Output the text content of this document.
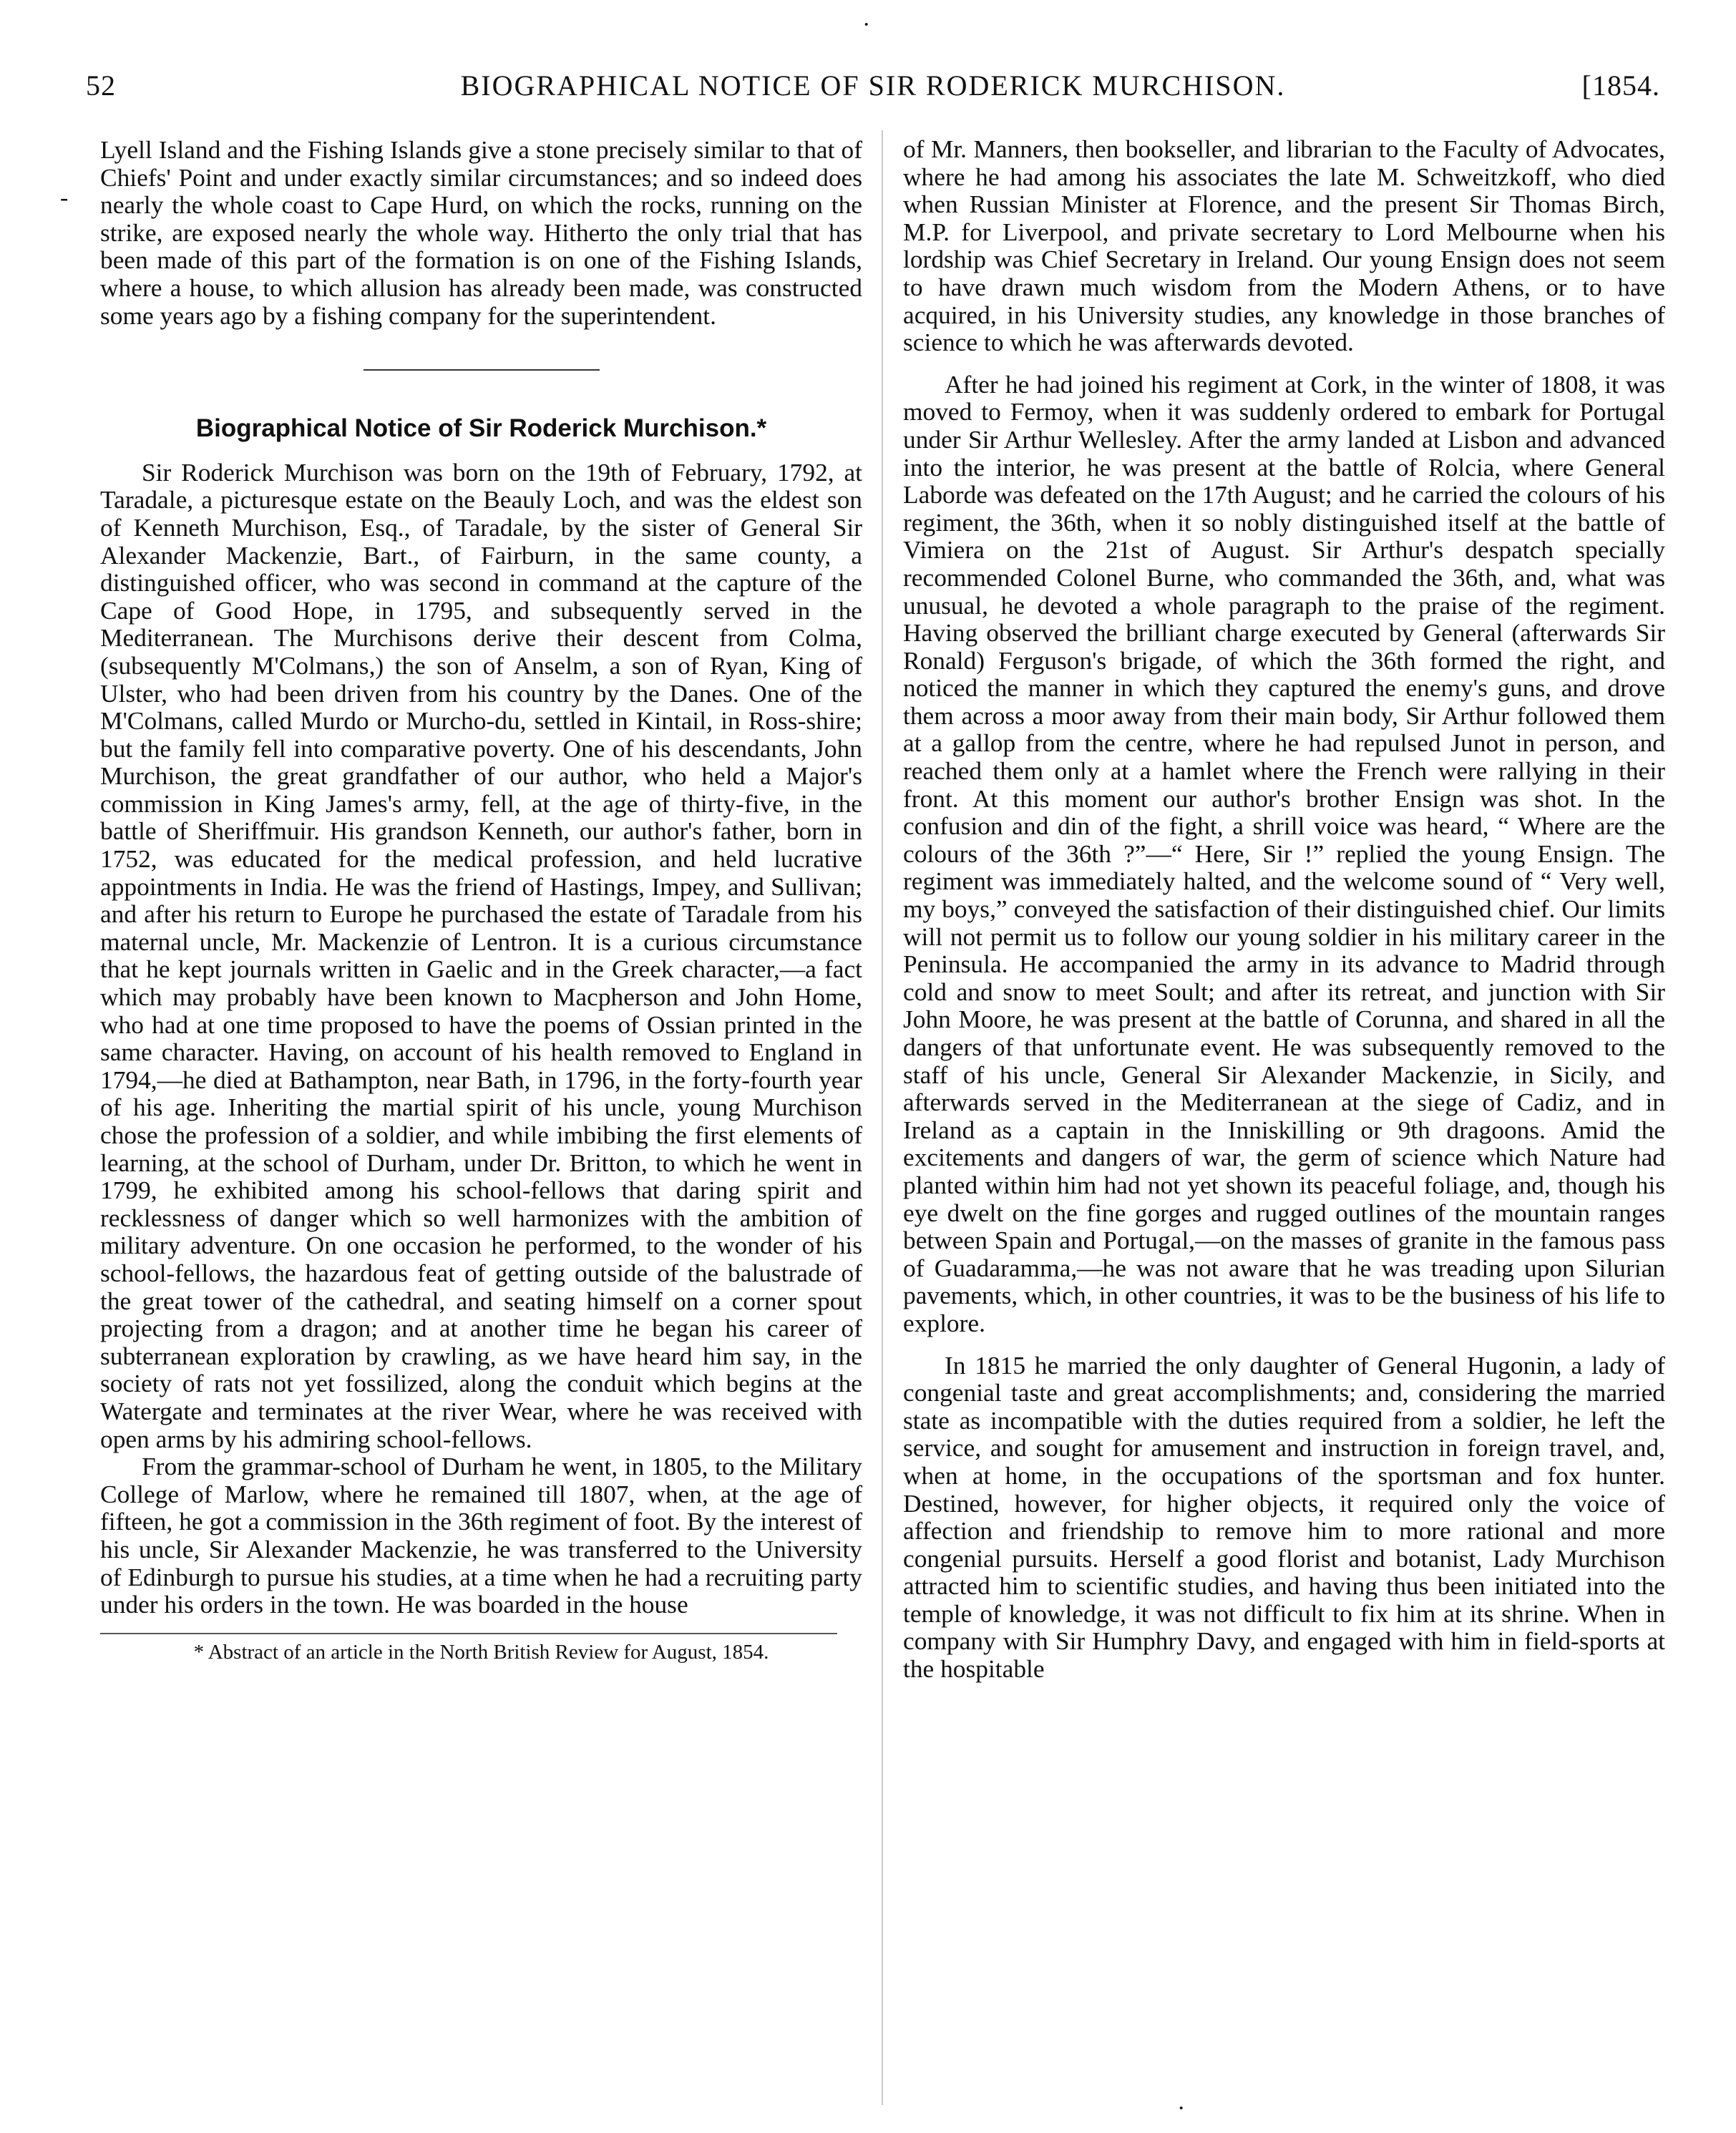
52	BIOGRAPHICAL NOTICE OF SIR RODERICK MURCHISON.	[1854.
·
-

Lyell Island and the Fishing Islands give a stone precisely similar to that of Chiefs' Point and under exactly similar circumstances; and so indeed does nearly the whole coast to Cape Hurd, on which the rocks, running on the strike, are exposed nearly the whole way. Hitherto the only trial that has been made of this part of the formation is on one of the Fishing Islands, where a house, to which allusion has already been made, was constructed some years ago by a fishing company for the superintendent.

Biographical Notice of Sir Roderick Murchison.*

Sir Roderick Murchison was born on the 19th of February, 1792, at Taradale, a picturesque estate on the Beauly Loch, and was the eldest son of Kenneth Murchison, Esq., of Taradale, by the sister of General Sir Alexander Mackenzie, Bart., of Fairburn, in the same county, a distinguished officer, who was second in command at the capture of the Cape of Good Hope, in 1795, and subsequently served in the Mediterranean. The Murchisons derive their descent from Colma, (subsequently M'Colmans,) the son of Anselm, a son of Ryan, King of Ulster, who had been driven from his country by the Danes. One of the M'Colmans, called Murdo or Murcho-du, settled in Kintail, in Ross-shire; but the family fell into comparative poverty. One of his descendants, John Murchison, the great grandfather of our author, who held a Major's commission in King James's army, fell, at the age of thirty-five, in the battle of Sheriffmuir. His grandson Kenneth, our author's father, born in 1752, was educated for the medical profession, and held lucrative appointments in India. He was the friend of Hastings, Impey, and Sullivan; and after his return to Europe he purchased the estate of Taradale from his maternal uncle, Mr. Mackenzie of Lentron. It is a curious circumstance that he kept journals written in Gaelic and in the Greek character,—a fact which may probably have been known to Macpherson and John Home, who had at one time proposed to have the poems of Ossian printed in the same character. Having, on account of his health removed to England in 1794,—he died at Bathampton, near Bath, in 1796, in the forty-fourth year of his age. Inheriting the martial spirit of his uncle, young Murchison chose the profession of a soldier, and while imbibing the first elements of learning, at the school of Durham, under Dr. Britton, to which he went in 1799, he exhibited among his school-fellows that daring spirit and recklessness of danger which so well harmonizes with the ambition of military adventure. On one occasion he performed, to the wonder of his school-fellows, the hazardous feat of getting outside of the balustrade of the great tower of the cathedral, and seating himself on a corner spout projecting from a dragon; and at another time he began his career of subterranean exploration by crawling, as we have heard him say, in the society of rats not yet fossilized, along the conduit which begins at the Watergate and terminates at the river Wear, where he was received with open arms by his admiring school-fellows.

From the grammar-school of Durham he went, in 1805, to the Military College of Marlow, where he remained till 1807, when, at the age of fifteen, he got a commission in the 36th regiment of foot. By the interest of his uncle, Sir Alexander Mackenzie, he was transferred to the University of Edinburgh to pursue his studies, at a time when he had a recruiting party under his orders in the town. He was boarded in the house

* Abstract of an article in the North British Review for August, 1854.

of Mr. Manners, then bookseller, and librarian to the Faculty of Advocates, where he had among his associates the late M. Schweitzkoff, who died when Russian Minister at Florence, and the present Sir Thomas Birch, M.P. for Liverpool, and private secretary to Lord Melbourne when his lordship was Chief Secretary in Ireland. Our young Ensign does not seem to have drawn much wisdom from the Modern Athens, or to have acquired, in his University studies, any knowledge in those branches of science to which he was afterwards devoted.

After he had joined his regiment at Cork, in the winter of 1808, it was moved to Fermoy, when it was suddenly ordered to embark for Portugal under Sir Arthur Wellesley. After the army landed at Lisbon and advanced into the interior, he was present at the battle of Rolcia, where General Laborde was defeated on the 17th August; and he carried the colours of his regiment, the 36th, when it so nobly distinguished itself at the battle of Vimiera on the 21st of August. Sir Arthur's despatch specially recommended Colonel Burne, who commanded the 36th, and, what was unusual, he devoted a whole paragraph to the praise of the regiment. Having observed the brilliant charge executed by General (afterwards Sir Ronald) Ferguson's brigade, of which the 36th formed the right, and noticed the manner in which they captured the enemy's guns, and drove them across a moor away from their main body, Sir Arthur followed them at a gallop from the centre, where he had repulsed Junot in person, and reached them only at a hamlet where the French were rallying in their front. At this moment our author's brother Ensign was shot. In the confusion and din of the fight, a shrill voice was heard, “ Where are the colours of the 36th ?”—“ Here, Sir !” replied the young Ensign. The regiment was immediately halted, and the welcome sound of “ Very well, my boys,” conveyed the satisfaction of their distinguished chief. Our limits will not permit us to follow our young soldier in his military career in the Peninsula. He accompanied the army in its advance to Madrid through cold and snow to meet Soult; and after its retreat, and junction with Sir John Moore, he was present at the battle of Corunna, and shared in all the dangers of that unfortunate event. He was subsequently removed to the staff of his uncle, General Sir Alexander Mackenzie, in Sicily, and afterwards served in the Mediterranean at the siege of Cadiz, and in Ireland as a captain in the Inniskilling or 9th dragoons. Amid the excitements and dangers of war, the germ of science which Nature had planted within him had not yet shown its peaceful foliage, and, though his eye dwelt on the fine gorges and rugged outlines of the mountain ranges between Spain and Portugal,—on the masses of granite in the famous pass of Guadaramma,—he was not aware that he was treading upon Silurian pavements, which, in other countries, it was to be the business of his life to explore.

In 1815 he married the only daughter of General Hugonin, a lady of congenial taste and great accomplishments; and, considering the married state as incompatible with the duties required from a soldier, he left the service, and sought for amusement and instruction in foreign travel, and, when at home, in the occupations of the sportsman and fox hunter. Destined, however, for higher objects, it required only the voice of affection and friendship to remove him to more rational and more congenial pursuits. Herself a good florist and botanist, Lady Murchison attracted him to scientific studies, and having thus been initiated into the temple of knowledge, it was not difficult to fix him at its shrine. When in company with Sir Humphry Davy, and engaged with him in field-sports at the hospitable

·
